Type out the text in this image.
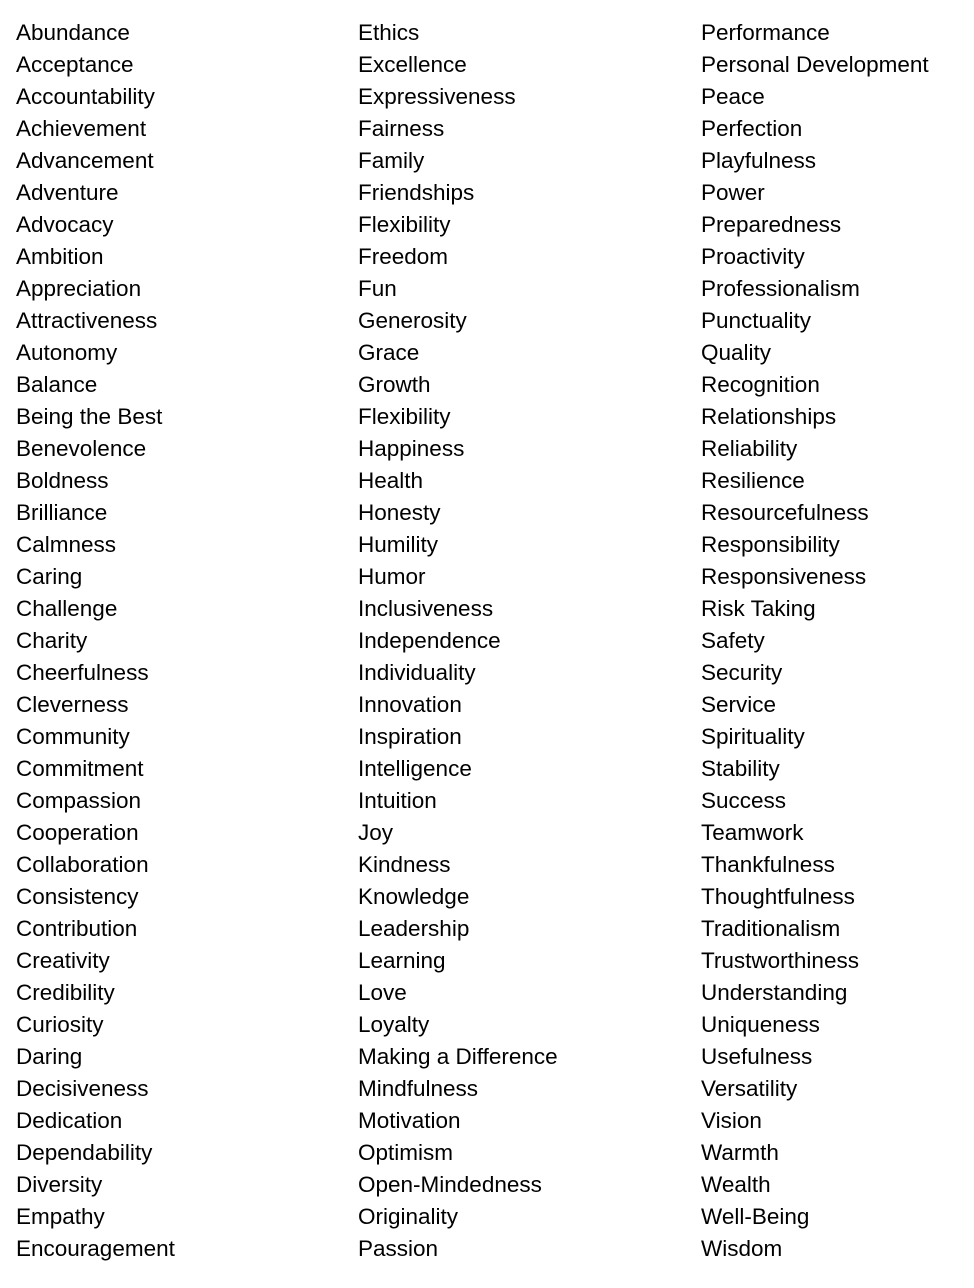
Abundance
Acceptance
Accountability
Achievement
Advancement
Adventure
Advocacy
Ambition
Appreciation
Attractiveness
Autonomy
Balance
Being the Best
Benevolence
Boldness
Brilliance
Calmness
Caring
Challenge
Charity
Cheerfulness
Cleverness
Community
Commitment
Compassion
Cooperation
Collaboration
Consistency
Contribution
Creativity
Credibility
Curiosity
Daring
Decisiveness
Dedication
Dependability
Diversity
Empathy
Encouragement
Ethics
Excellence
Expressiveness
Fairness
Family
Friendships
Flexibility
Freedom
Fun
Generosity
Grace
Growth
Flexibility
Happiness
Health
Honesty
Humility
Humor
Inclusiveness
Independence
Individuality
Innovation
Inspiration
Intelligence
Intuition
Joy
Kindness
Knowledge
Leadership
Learning
Love
Loyalty
Making a Difference
Mindfulness
Motivation
Optimism
Open-Mindedness
Originality
Passion
Performance
Personal Development
Peace
Perfection
Playfulness
Power
Preparedness
Proactivity
Professionalism
Punctuality
Quality
Recognition
Relationships
Reliability
Resilience
Resourcefulness
Responsibility
Responsiveness
Risk Taking
Safety
Security
Service
Spirituality
Stability
Success
Teamwork
Thankfulness
Thoughtfulness
Traditionalism
Trustworthiness
Understanding
Uniqueness
Usefulness
Versatility
Vision
Warmth
Wealth
Well-Being
Wisdom
